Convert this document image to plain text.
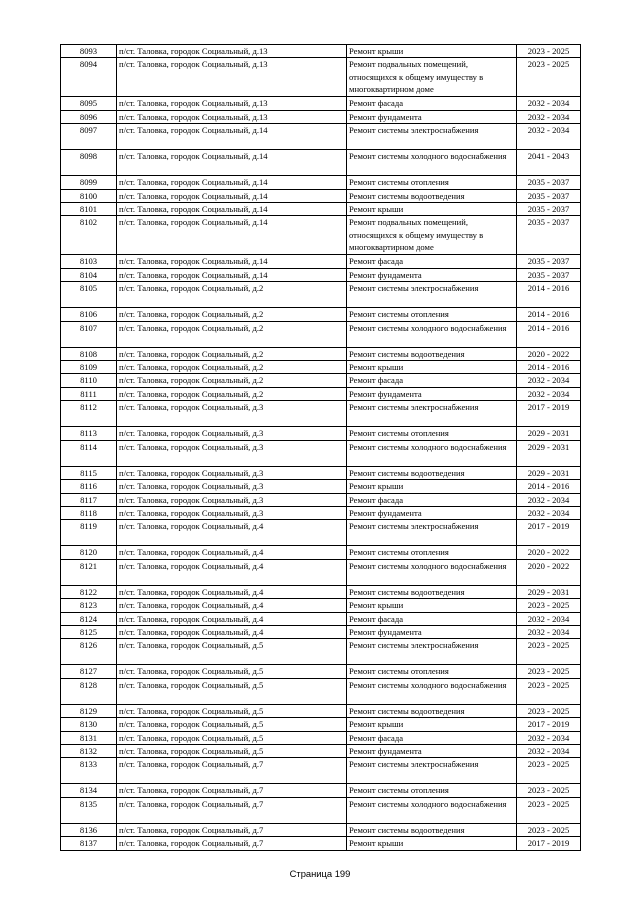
8093	п/ст. Таловка, городок Социальный, д.13	Ремонт крыши	2023 - 2025
8094	п/ст. Таловка, городок Социальный, д.13	Ремонт подвальных помещений, относящихся к общему имуществу в многоквартирном доме	2023 - 2025
8095	п/ст. Таловка, городок Социальный, д.13	Ремонт фасада	2032 - 2034
8096	п/ст. Таловка, городок Социальный, д.13	Ремонт фундамента	2032 - 2034
8097	п/ст. Таловка, городок Социальный, д.14	Ремонт системы электроснабжения	2032 - 2034
8098	п/ст. Таловка, городок Социальный, д.14	Ремонт системы холодного водоснабжения	2041 - 2043
8099	п/ст. Таловка, городок Социальный, д.14	Ремонт системы отопления	2035 - 2037
8100	п/ст. Таловка, городок Социальный, д.14	Ремонт системы водоотведения	2035 - 2037
8101	п/ст. Таловка, городок Социальный, д.14	Ремонт крыши	2035 - 2037
8102	п/ст. Таловка, городок Социальный, д.14	Ремонт подвальных помещений, относящихся к общему имуществу в многоквартирном доме	2035 - 2037
8103	п/ст. Таловка, городок Социальный, д.14	Ремонт фасада	2035 - 2037
8104	п/ст. Таловка, городок Социальный, д.14	Ремонт фундамента	2035 - 2037
8105	п/ст. Таловка, городок Социальный, д.2	Ремонт системы электроснабжения	2014 - 2016
8106	п/ст. Таловка, городок Социальный, д.2	Ремонт системы отопления	2014 - 2016
8107	п/ст. Таловка, городок Социальный, д.2	Ремонт системы холодного водоснабжения	2014 - 2016
8108	п/ст. Таловка, городок Социальный, д.2	Ремонт системы водоотведения	2020 - 2022
8109	п/ст. Таловка, городок Социальный, д.2	Ремонт крыши	2014 - 2016
8110	п/ст. Таловка, городок Социальный, д.2	Ремонт фасада	2032 - 2034
8111	п/ст. Таловка, городок Социальный, д.2	Ремонт фундамента	2032 - 2034
8112	п/ст. Таловка, городок Социальный, д.3	Ремонт системы электроснабжения	2017 - 2019
8113	п/ст. Таловка, городок Социальный, д.3	Ремонт системы отопления	2029 - 2031
8114	п/ст. Таловка, городок Социальный, д.3	Ремонт системы холодного водоснабжения	2029 - 2031
8115	п/ст. Таловка, городок Социальный, д.3	Ремонт системы водоотведения	2029 - 2031
8116	п/ст. Таловка, городок Социальный, д.3	Ремонт крыши	2014 - 2016
8117	п/ст. Таловка, городок Социальный, д.3	Ремонт фасада	2032 - 2034
8118	п/ст. Таловка, городок Социальный, д.3	Ремонт фундамента	2032 - 2034
8119	п/ст. Таловка, городок Социальный, д.4	Ремонт системы электроснабжения	2017 - 2019
8120	п/ст. Таловка, городок Социальный, д.4	Ремонт системы отопления	2020 - 2022
8121	п/ст. Таловка, городок Социальный, д.4	Ремонт системы холодного водоснабжения	2020 - 2022
8122	п/ст. Таловка, городок Социальный, д.4	Ремонт системы водоотведения	2029 - 2031
8123	п/ст. Таловка, городок Социальный, д.4	Ремонт крыши	2023 - 2025
8124	п/ст. Таловка, городок Социальный, д.4	Ремонт фасада	2032 - 2034
8125	п/ст. Таловка, городок Социальный, д.4	Ремонт фундамента	2032 - 2034
8126	п/ст. Таловка, городок Социальный, д.5	Ремонт системы электроснабжения	2023 - 2025
8127	п/ст. Таловка, городок Социальный, д.5	Ремонт системы отопления	2023 - 2025
8128	п/ст. Таловка, городок Социальный, д.5	Ремонт системы холодного водоснабжения	2023 - 2025
8129	п/ст. Таловка, городок Социальный, д.5	Ремонт системы водоотведения	2023 - 2025
8130	п/ст. Таловка, городок Социальный, д.5	Ремонт крыши	2017 - 2019
8131	п/ст. Таловка, городок Социальный, д.5	Ремонт фасада	2032 - 2034
8132	п/ст. Таловка, городок Социальный, д.5	Ремонт фундамента	2032 - 2034
8133	п/ст. Таловка, городок Социальный, д.7	Ремонт системы электроснабжения	2023 - 2025
8134	п/ст. Таловка, городок Социальный, д.7	Ремонт системы отопления	2023 - 2025
8135	п/ст. Таловка, городок Социальный, д.7	Ремонт системы холодного водоснабжения	2023 - 2025
8136	п/ст. Таловка, городок Социальный, д.7	Ремонт системы водоотведения	2023 - 2025
8137	п/ст. Таловка, городок Социальный, д.7	Ремонт крыши	2017 - 2019
Страница 199
